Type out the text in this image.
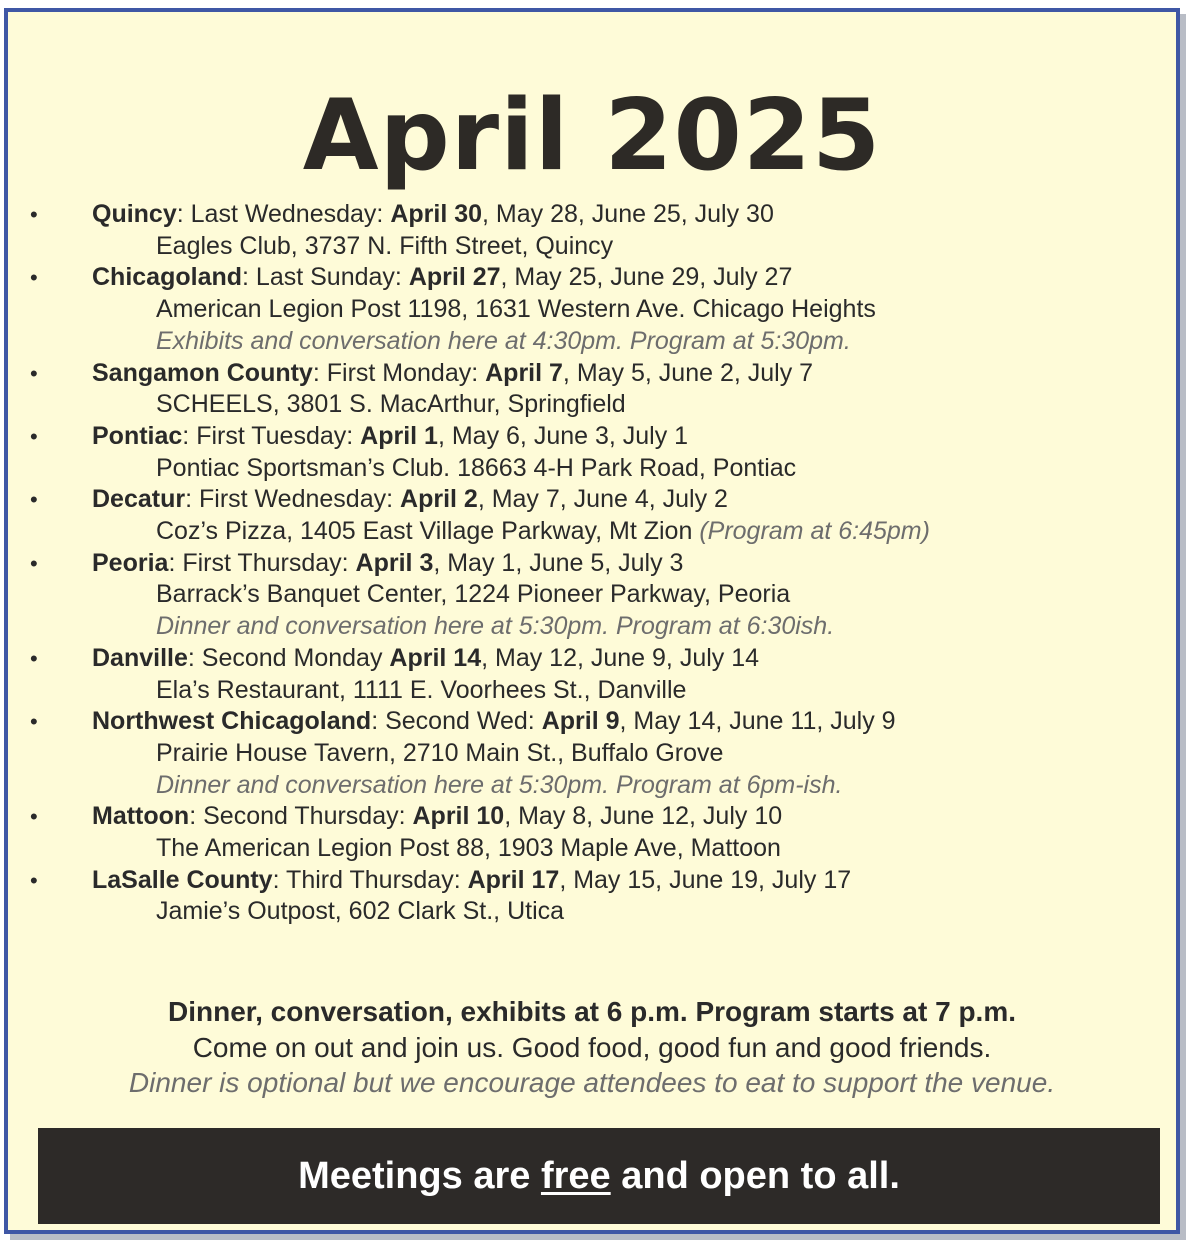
April 2025
• Quincy: Last Wednesday: April 30, May 28, June 25, July 30
Eagles Club, 3737 N. Fifth Street, Quincy
• Chicagoland: Last Sunday: April 27, May 25, June 29, July 27
American Legion Post 1198, 1631 Western Ave. Chicago Heights
Exhibits and conversation here at 4:30pm. Program at 5:30pm.
• Sangamon County: First Monday: April 7, May 5, June 2, July 7
SCHEELS, 3801 S. MacArthur, Springfield
• Pontiac: First Tuesday: April 1, May 6, June 3, July 1
Pontiac Sportsman’s Club. 18663 4-H Park Road, Pontiac
• Decatur: First Wednesday: April 2, May 7, June 4, July 2
Coz’s Pizza, 1405 East Village Parkway, Mt Zion (Program at 6:45pm)
• Peoria: First Thursday: April 3, May 1, June 5, July 3
Barrack’s Banquet Center, 1224 Pioneer Parkway, Peoria
Dinner and conversation here at 5:30pm. Program at 6:30ish.
• Danville: Second Monday April 14, May 12, June 9, July 14
Ela’s Restaurant, 1111 E. Voorhees St., Danville
• Northwest Chicagoland: Second Wed: April 9, May 14, June 11, July 9
Prairie House Tavern, 2710 Main St., Buffalo Grove
Dinner and conversation here at 5:30pm. Program at 6pm-ish.
• Mattoon: Second Thursday: April 10, May 8, June 12, July 10
The American Legion Post 88, 1903 Maple Ave, Mattoon
• LaSalle County: Third Thursday: April 17, May 15, June 19, July 17
Jamie’s Outpost, 602 Clark St., Utica
Dinner, conversation, exhibits at 6 p.m. Program starts at 7 p.m.
Come on out and join us. Good food, good fun and good friends.
Dinner is optional but we encourage attendees to eat to support the venue.
Meetings are free and open to all.
